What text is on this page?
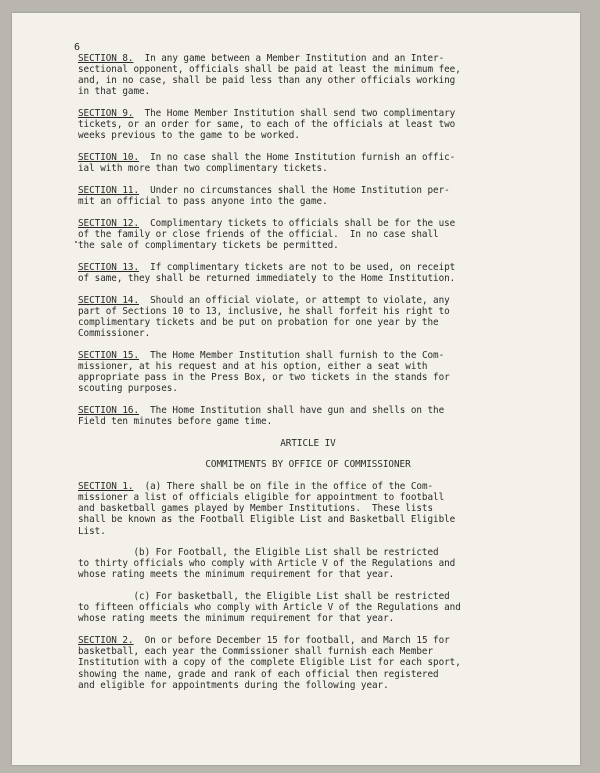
6
SECTION 8.  In any game between a Member Institution and an Inter-
sectional opponent, officials shall be paid at least the minimum fee,
and, in no case, shall be paid less than any other officials working
in that game.
SECTION 9.  The Home Member Institution shall send two complimentary
tickets, or an order for same, to each of the officials at least two
weeks previous to the game to be worked.
SECTION 10.  In no case shall the Home Institution furnish an offic-
ial with more than two complimentary tickets.
SECTION 11.  Under no circumstances shall the Home Institution per-
mit an official to pass anyone into the game.
SECTION 12.  Complimentary tickets to officials shall be for the use
of the family or close friends of the official.  In no case shall
the sale of complimentary tickets be permitted.
SECTION 13.  If complimentary tickets are not to be used, on receipt
of same, they shall be returned immediately to the Home Institution.
SECTION 14.  Should an official violate, or attempt to violate, any
part of Sections 10 to 13, inclusive, he shall forfeit his right to
complimentary tickets and be put on probation for one year by the
Commissioner.
SECTION 15.  The Home Member Institution shall furnish to the Com-
missioner, at his request and at his option, either a seat with
appropriate pass in the Press Box, or two tickets in the stands for
scouting purposes.
SECTION 16.  The Home Institution shall have gun and shells on the
Field ten minutes before game time.
ARTICLE IV
COMMITMENTS BY OFFICE OF COMMISSIONER
SECTION 1.  (a) There shall be on file in the office of the Com-
missioner a list of officials eligible for appointment to football
and basketball games played by Member Institutions.  These lists
shall be known as the Football Eligible List and Basketball Eligible
List.
(b) For Football, the Eligible List shall be restricted
to thirty officials who comply with Article V of the Regulations and
whose rating meets the minimum requirement for that year.
(c) For basketball, the Eligible List shall be restricted
to fifteen officials who comply with Article V of the Regulations and
whose rating meets the minimum requirement for that year.
SECTION 2.  On or before December 15 for football, and March 15 for
basketball, each year the Commissioner shall furnish each Member
Institution with a copy of the complete Eligible List for each sport,
showing the name, grade and rank of each official then registered
and eligible for appointments during the following year.
